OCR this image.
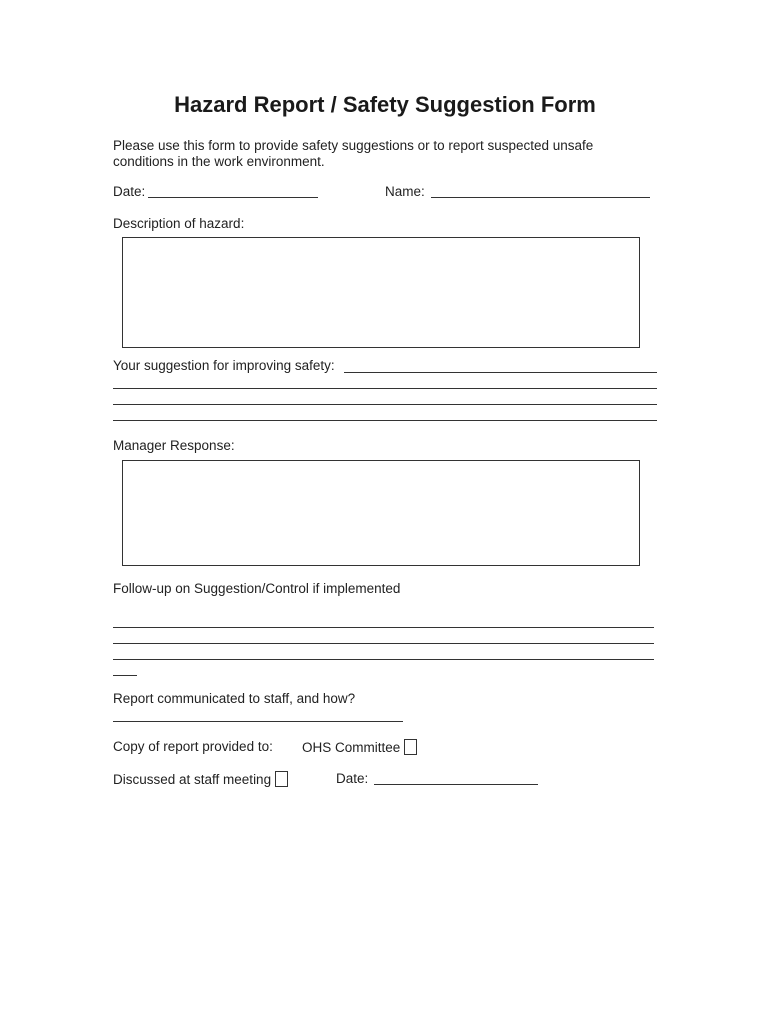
Hazard Report / Safety Suggestion Form
Please use this form to provide safety suggestions or to report suspected unsafe conditions in the work environment.
Date:	Name:
Description of hazard:
Your suggestion for improving safety:
Manager Response:
Follow-up on Suggestion/Control if implemented
Report communicated to staff, and how?
Copy of report provided to: OHS Committee
Discussed at staff meeting	Date:
